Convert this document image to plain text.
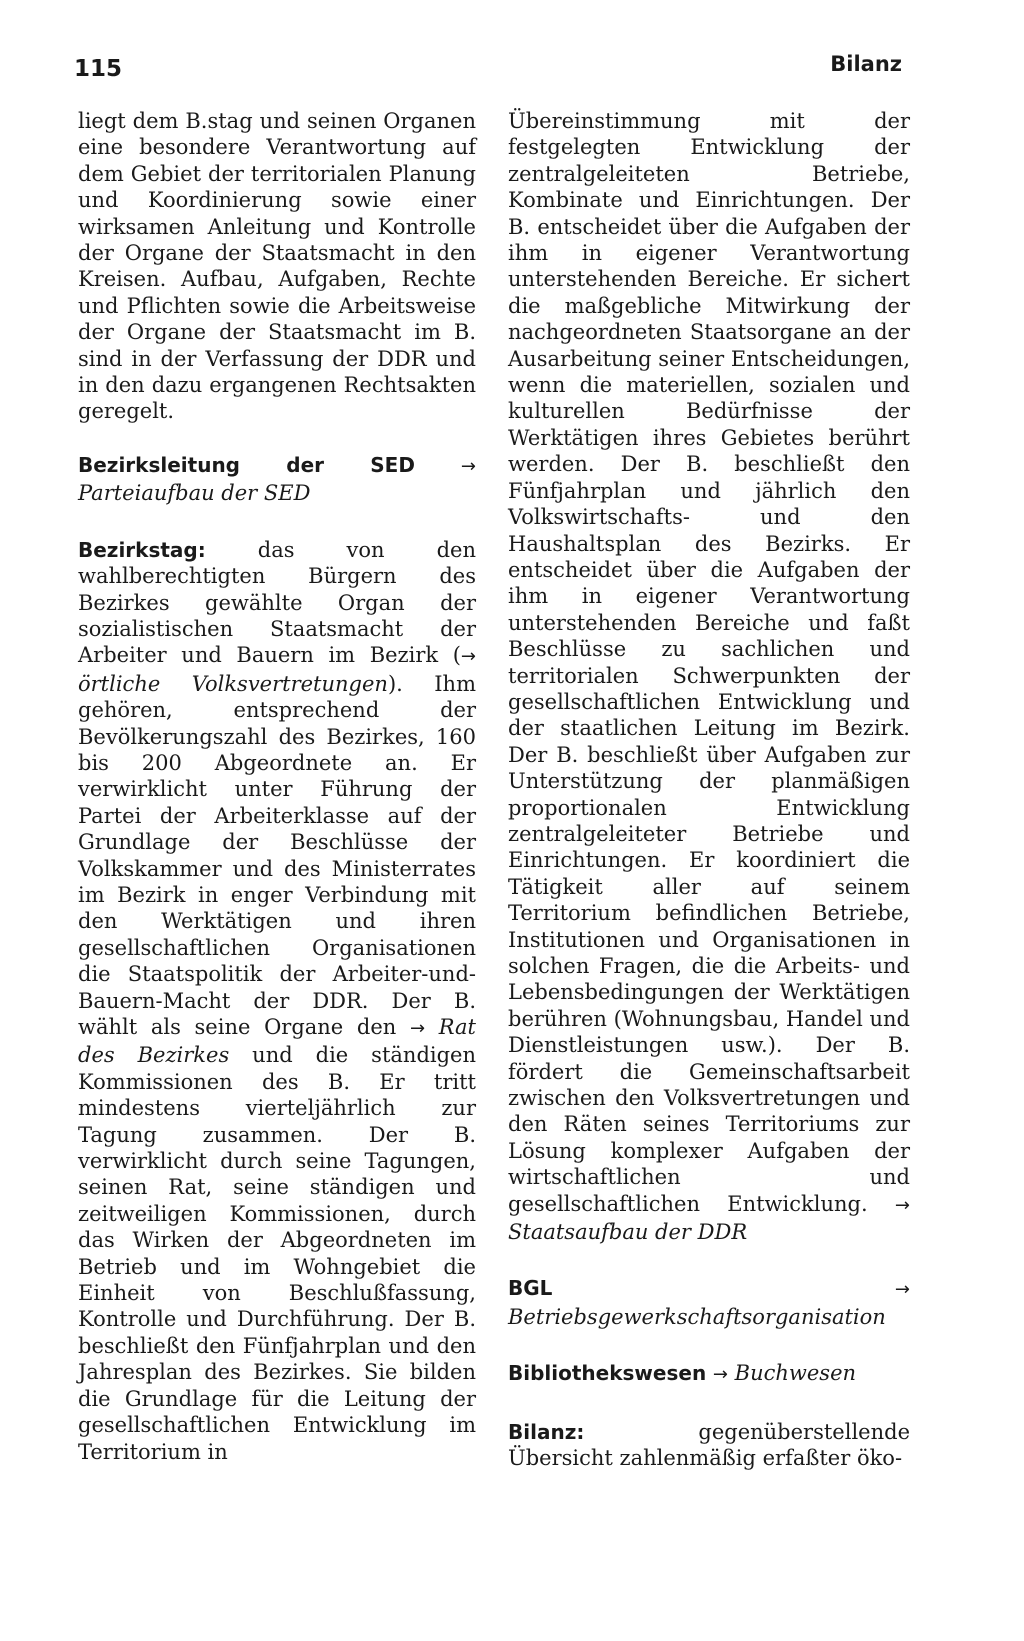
115	Bilanz

liegt dem B.stag und seinen Organen eine besondere Verantwortung auf dem Gebiet der territorialen Planung und Koordinierung sowie einer wirksamen Anleitung und Kontrolle der Organe der Staatsmacht in den Kreisen. Aufbau, Aufgaben, Rechte und Pflichten sowie die Arbeitsweise der Organe der Staatsmacht im B. sind in der Verfassung der DDR und in den dazu ergangenen Rechtsakten geregelt.

Bezirksleitung der SED	→ Parteiaufbau der SED

Bezirkstag: das von den wahlberechtigten Bürgern des Bezirkes gewählte Organ der sozialistischen Staatsmacht der Arbeiter und Bauern im Bezirk (→ örtliche Volksvertretungen). Ihm gehören, entsprechend der Bevölkerungszahl des Bezirkes, 160 bis 200 Abgeordnete an. Er verwirklicht unter Führung der Partei der Arbeiterklasse auf der Grundlage der Beschlüsse der Volkskammer und des Ministerrates im Bezirk in enger Verbindung mit den Werktätigen und ihren gesellschaftlichen Organisationen die Staatspolitik der Arbeiter-und-Bauern-Macht der DDR. Der B. wählt als seine Organe den → Rat des Bezirkes und die ständigen Kommissionen des B. Er tritt mindestens vierteljährlich zur Tagung zusammen. Der B. verwirklicht durch seine Tagungen, seinen Rat, seine ständigen und zeitweiligen Kommissionen, durch das Wirken der Abgeordneten im Betrieb und im Wohngebiet die Einheit von Beschlußfassung, Kontrolle und Durchführung. Der B. beschließt den Fünfjahrplan und den Jahresplan des Bezirkes. Sie bilden die Grundlage für die Leitung der gesellschaftlichen Entwicklung im Territorium in

Übereinstimmung mit der festgelegten Entwicklung der zentralgeleiteten Betriebe, Kombinate und Einrichtungen. Der B. entscheidet über die Aufgaben der ihm in eigener Verantwortung unterstehenden Bereiche. Er sichert die maßgebliche Mitwirkung der nachgeordneten Staatsorgane an der Ausarbeitung seiner Entscheidungen, wenn die materiellen, sozialen und kulturellen Bedürfnisse der Werktätigen ihres Gebietes berührt werden. Der B. beschließt den Fünfjahrplan und jährlich den Volkswirtschafts- und den Haushaltsplan des Bezirks. Er entscheidet über die Aufgaben der ihm in eigener Verantwortung unterstehenden Bereiche und faßt Beschlüsse zu sachlichen und territorialen Schwerpunkten der gesellschaftlichen Entwicklung und der staatlichen Leitung im Bezirk. Der B. beschließt über Aufgaben zur Unterstützung der planmäßigen proportionalen Entwicklung zentralgeleiteter Betriebe und Einrichtungen. Er koordiniert die Tätigkeit aller auf seinem Territorium befindlichen Betriebe, Institutionen und Organisationen in solchen Fragen, die die Arbeits- und Lebensbedingungen der Werktätigen berühren (Wohnungsbau, Handel und Dienstleistungen usw.). Der B. fördert die Gemeinschaftsarbeit zwischen den Volksvertretungen und den Räten seines Territoriums zur Lösung komplexer Aufgaben der wirtschaftlichen und gesellschaftlichen Entwicklung. → Staatsaufbau der DDR

BGL	→ Betriebsgewerkschaftsorganisation

Bibliothekswesen → Buchwesen

Bilanz: gegenüberstellende Übersicht zahlenmäßig erfaßter öko-
